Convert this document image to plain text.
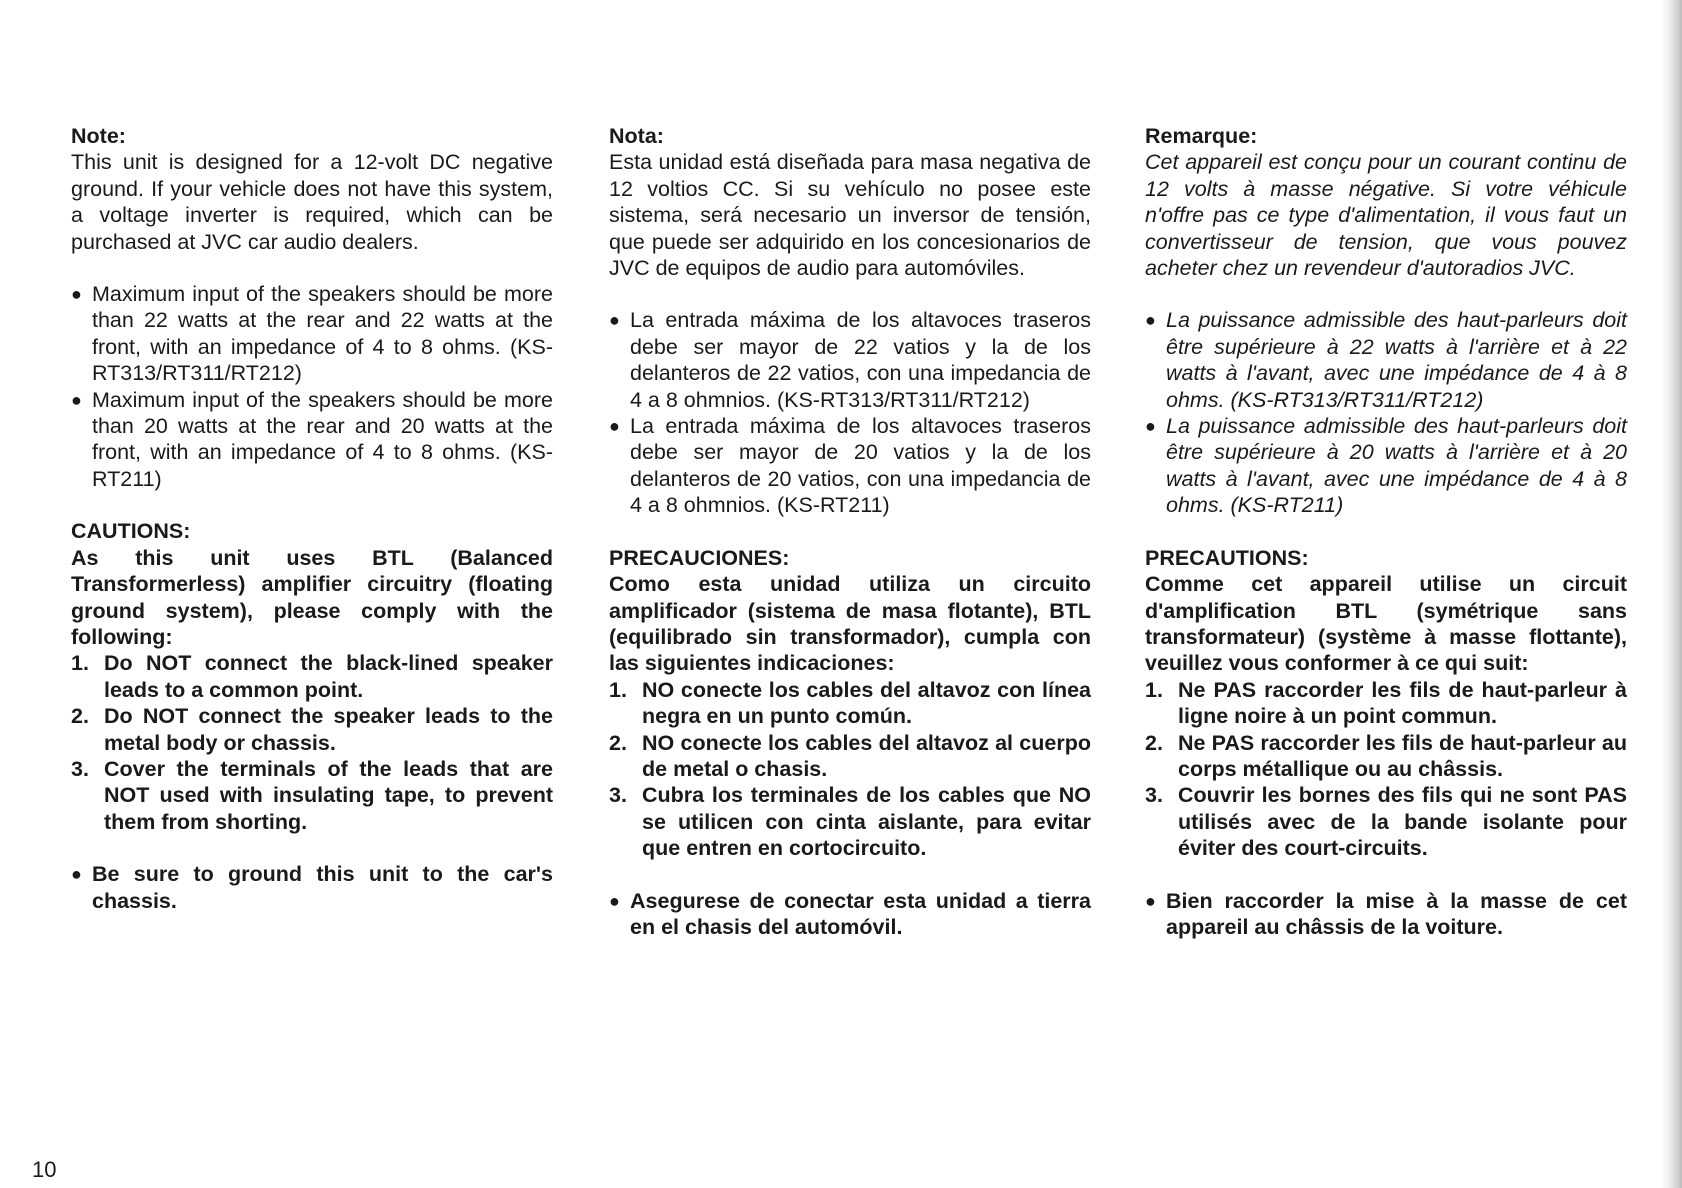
Note:

This unit is designed for a 12-volt DC negative ground. If your vehicle does not have this system, a voltage inverter is required, which can be purchased at JVC car audio dealers.

● Maximum input of the speakers should be more than 22 watts at the rear and 22 watts at the front, with an impedance of 4 to 8 ohms. (KS-RT313/RT311/RT212)
● Maximum input of the speakers should be more than 20 watts at the rear and 20 watts at the front, with an impedance of 4 to 8 ohms. (KS-RT211)

CAUTIONS:

As this unit uses BTL (Balanced Transformerless) amplifier circuitry (floating ground system), please comply with the following:

1. Do NOT connect the black-lined speaker leads to a common point.
2. Do NOT connect the speaker leads to the metal body or chassis.
3. Cover the terminals of the leads that are NOT used with insulating tape, to prevent them from shorting.
● Be sure to ground this unit to the car's chassis.

Nota:

Esta unidad está diseñada para masa negativa de 12 voltios CC. Si su vehículo no posee este sistema, será necesario un inversor de tensión, que puede ser adquirido en los concesionarios de JVC de equipos de audio para automóviles.

● La entrada máxima de los altavoces traseros debe ser mayor de 22 vatios y la de los delanteros de 22 vatios, con una impedancia de 4 a 8 ohmnios. (KS-RT313/RT311/RT212)
● La entrada máxima de los altavoces traseros debe ser mayor de 20 vatios y la de los delanteros de 20 vatios, con una impedancia de 4 a 8 ohmnios. (KS-RT211)

PRECAUCIONES:

Como esta unidad utiliza un circuito amplificador (sistema de masa flotante), BTL (equilibrado sin transformador), cumpla con las siguientes indicaciones:

1. NO conecte los cables del altavoz con línea negra en un punto común.
2. NO conecte los cables del altavoz al cuerpo de metal o chasis.
3. Cubra los terminales de los cables que NO se utilicen con cinta aislante, para evitar que entren en cortocircuito.
● Asegurese de conectar esta unidad a tierra en el chasis del automóvil.

Remarque:

Cet appareil est conçu pour un courant continu de 12 volts à masse négative. Si votre véhicule n'offre pas ce type d'alimentation, il vous faut un convertisseur de tension, que vous pouvez acheter chez un revendeur d'autoradios JVC.

● La puissance admissible des haut-parleurs doit être supérieure à 22 watts à l'arrière et à 22 watts à l'avant, avec une impédance de 4 à 8 ohms. (KS-RT313/RT311/RT212)
● La puissance admissible des haut-parleurs doit être supérieure à 20 watts à l'arrière et à 20 watts à l'avant, avec une impédance de 4 à 8 ohms. (KS-RT211)

PRECAUTIONS:

Comme cet appareil utilise un circuit d'amplification BTL (symétrique sans transformateur) (système à masse flottante), veuillez vous conformer à ce qui suit:

1. Ne PAS raccorder les fils de haut-parleur à ligne noire à un point commun.
2. Ne PAS raccorder les fils de haut-parleur au corps métallique ou au châssis.
3. Couvrir les bornes des fils qui ne sont PAS utilisés avec de la bande isolante pour éviter des court-circuits.
● Bien raccorder la mise à la masse de cet appareil au châssis de la voiture.
10
